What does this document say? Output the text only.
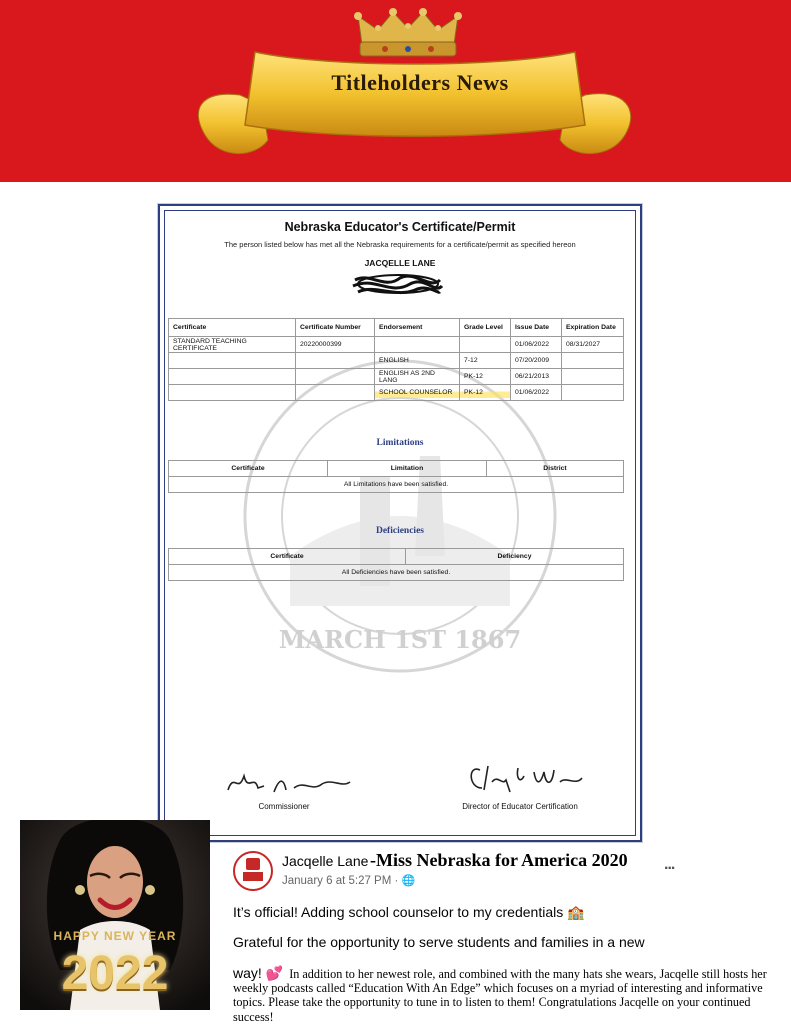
Titleholders News
MARCH 1ST 1867
Nebraska Educator's Certificate/Permit
The person listed below has met all the Nebraska requirements for a certificate/permit as specified hereon
JACQELLE LANE
Certificate	Certificate Number	Endorsement	Grade Level	Issue Date	Expiration Date
STANDARD TEACHING CERTIFICATE	20220000399			01/06/2022	08/31/2027
		ENGLISH	7-12	07/20/2009	
		ENGLISH AS 2ND LANG	PK-12	06/21/2013	
		SCHOOL COUNSELOR	PK-12	01/06/2022	
Limitations
Certificate	Limitation	District
All Limitations have been satisfied.
Deficiencies
Certificate	Deficiency
All Deficiencies have been satisfied.
Commissioner	Director of Educator Certification
HAPPY NEW YEAR
2022
Jacqelle Lane -Miss Nebraska for America 2020 ...
January 6 at 5:27 PM · 🌐
It’s official! Adding school counselor to my credentials 🏫
Grateful for the opportunity to serve students and families in a new
way! 💕 In addition to her newest role, and combined with the many hats she wears, Jacqelle still hosts her weekly podcasts called “Education With An Edge” which focuses on a myriad of interesting and informative topics. Please take the opportunity to tune in to listen to them! Congratulations Jacqelle on your continued success!
